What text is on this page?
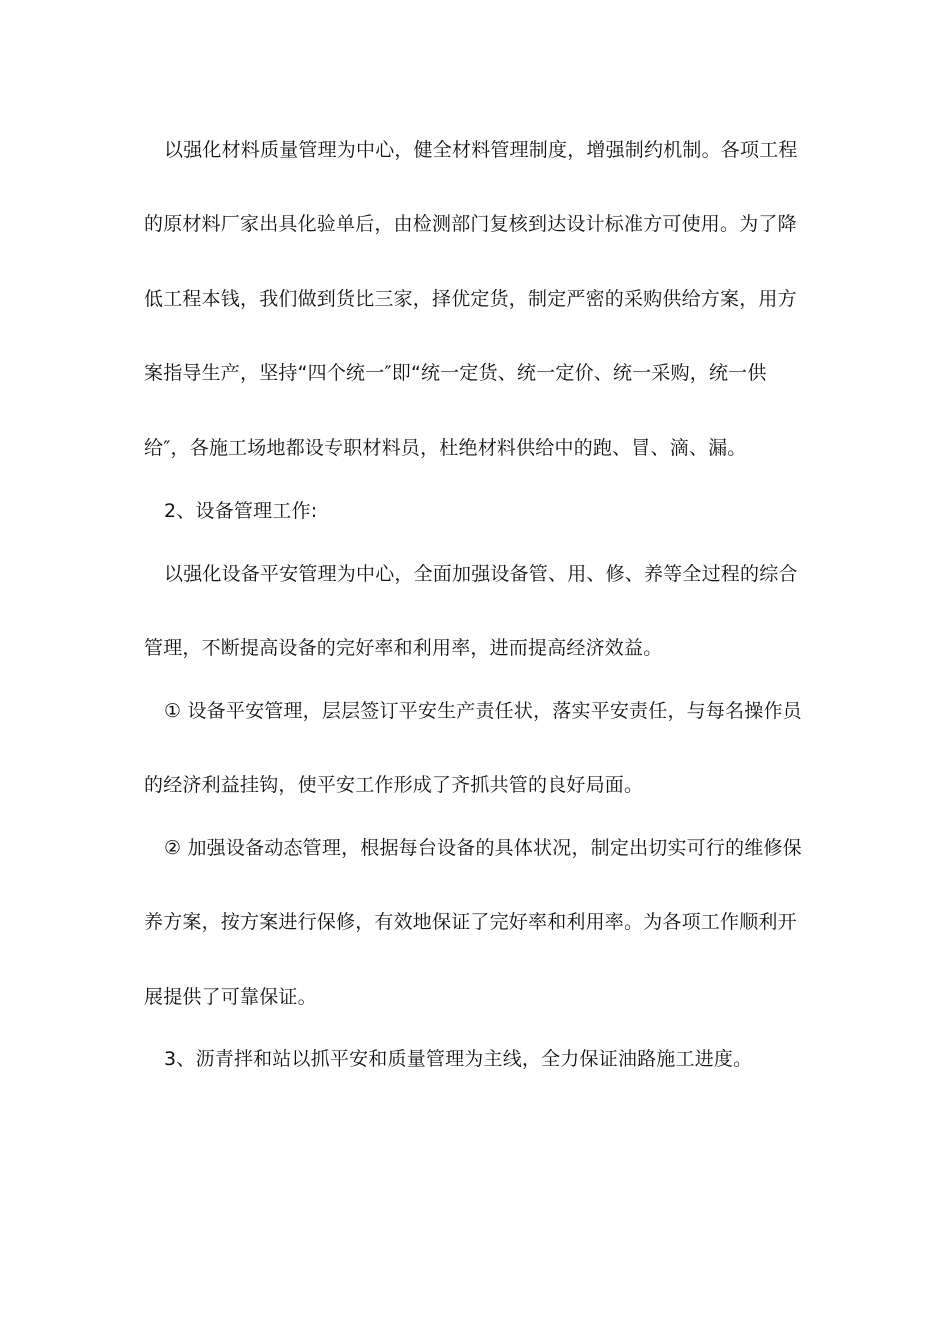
以强化材料质量管理为中心，健全材料管理制度，增强制约机制。各项工程
的原材料厂家出具化验单后，由检测部门复核到达设计标准方可使用。为了降
低工程本钱，我们做到货比三家，择优定货，制定严密的采购供给方案，用方
案指导生产，坚持“四个统一″即“统一定货、统一定价、统一采购，统一供
给″，各施工场地都设专职材料员，杜绝材料供给中的跑、冒、滴、漏。
2、设备管理工作:
以强化设备平安管理为中心，全面加强设备管、用、修、养等全过程的综合
管理，不断提高设备的完好率和利用率，进而提高经济效益。
① 设备平安管理，层层签订平安生产责任状，落实平安责任，与每名操作员
的经济利益挂钩，使平安工作形成了齐抓共管的良好局面。
② 加强设备动态管理，根据每台设备的具体状况，制定出切实可行的维修保
养方案，按方案进行保修，有效地保证了完好率和利用率。为各项工作顺利开
展提供了可靠保证。
3、沥青拌和站以抓平安和质量管理为主线，全力保证油路施工进度。
